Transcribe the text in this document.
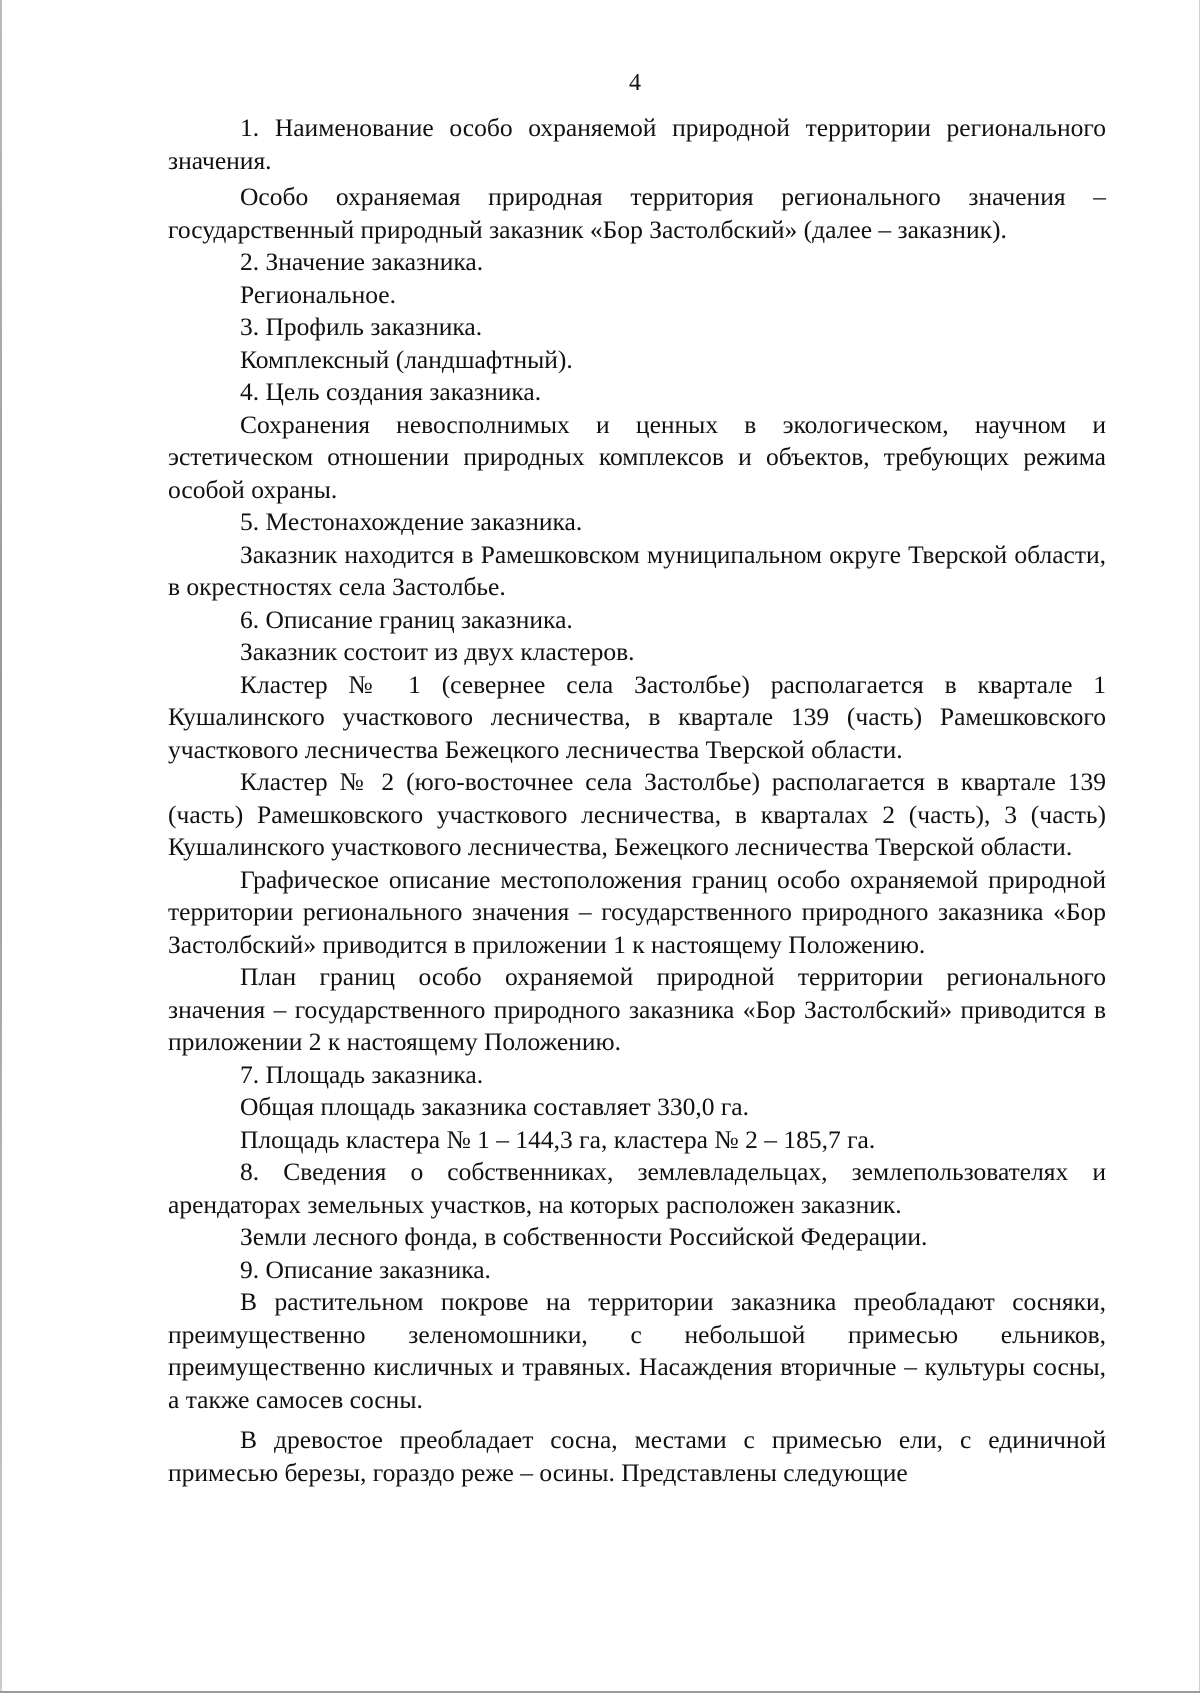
4

1. Наименование особо охраняемой природной территории регионального значения.

Особо охраняемая природная территория регионального значения – государственный природный заказник «Бор Застолбский» (далее – заказник).

2. Значение заказника.

Региональное.

3. Профиль заказника.

Комплексный (ландшафтный).

4. Цель создания заказника.

Сохранения невосполнимых и ценных в экологическом, научном и эстетическом отношении природных комплексов и объектов, требующих режима особой охраны.

5. Местонахождение заказника.

Заказник находится в Рамешковском муниципальном округе Тверской области, в окрестностях села Застолбье.

6. Описание границ заказника.

Заказник состоит из двух кластеров.

Кластер № 1 (севернее села Застолбье) располагается в квартале 1 Кушалинского участкового лесничества, в квартале 139 (часть) Рамешковского участкового лесничества Бежецкого лесничества Тверской области.

Кластер № 2 (юго-восточнее села Застолбье) располагается в квартале 139 (часть) Рамешковского участкового лесничества, в кварталах 2 (часть), 3 (часть) Кушалинского участкового лесничества, Бежецкого лесничества Тверской области.

Графическое описание местоположения границ особо охраняемой природной территории регионального значения – государственного природного заказника «Бор Застолбский» приводится в приложении 1 к настоящему Положению.

План границ особо охраняемой природной территории регионального значения – государственного природного заказника «Бор Застолбский» приводится в приложении 2 к настоящему Положению.

7. Площадь заказника.

Общая площадь заказника составляет 330,0 га.

Площадь кластера № 1 – 144,3 га, кластера № 2 – 185,7 га.

8. Сведения о собственниках, землевладельцах, землепользователях и арендаторах земельных участков, на которых расположен заказник.

Земли лесного фонда, в собственности Российской Федерации.

9. Описание заказника.

В растительном покрове на территории заказника преобладают сосняки, преимущественно зеленомошники, с небольшой примесью ельников, преимущественно кисличных и травяных. Насаждения вторичные – культуры сосны, а также самосев сосны.

В древостое преобладает сосна, местами с примесью ели, с единичной примесью березы, гораздо реже – осины. Представлены следующие
